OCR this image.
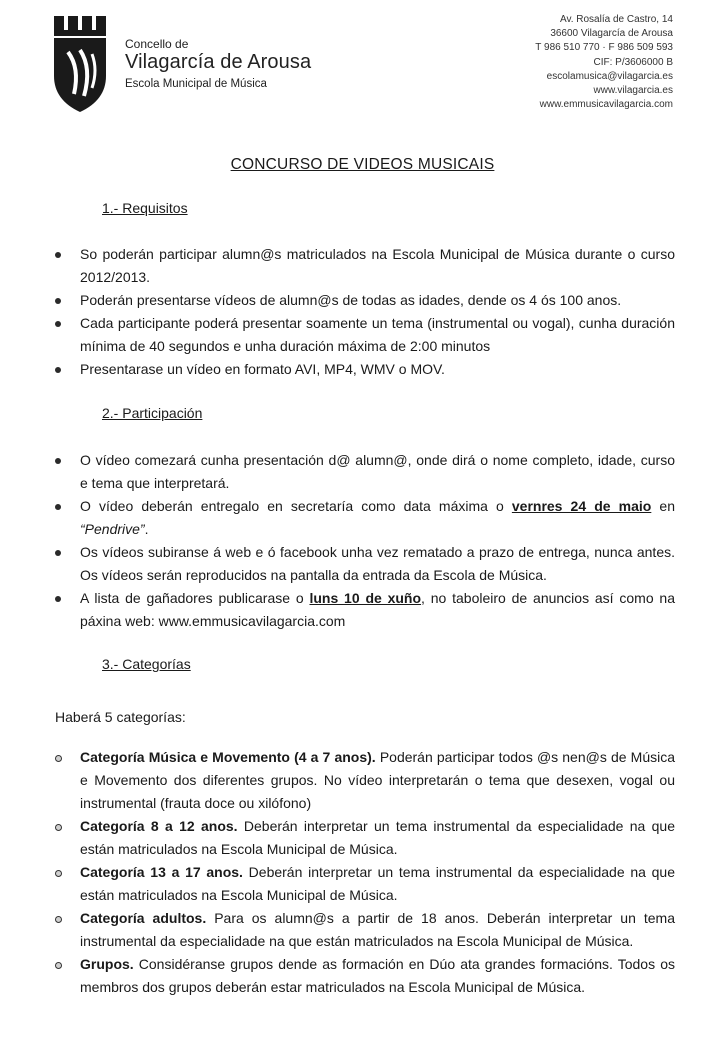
Concello de
Vilagarcía de Arousa
Escola Municipal de Música
Av. Rosalía de Castro, 14
36600 Vilagarcía de Arousa
T 986 510 770 · F 986 509 593
CIF: P/3606000 B
escolamusica@vilagarcia.es
www.vilagarcia.es
www.emmusicavilagarcia.com
CONCURSO DE VIDEOS MUSICAIS
1.- Requisitos
So poderán participar alumn@s matriculados na Escola Municipal de Música durante o curso 2012/2013.
Poderán presentarse vídeos de alumn@s de todas as idades, dende os 4 ós 100 anos.
Cada participante poderá presentar soamente un tema (instrumental ou vogal), cunha duración mínima de 40 segundos e unha duración máxima de 2:00 minutos
Presentarase un vídeo en formato AVI, MP4, WMV o MOV.
2.- Participación
O vídeo comezará cunha presentación d@ alumn@, onde dirá o nome completo, idade, curso e tema que interpretará.
O vídeo deberán entregalo en secretaría como data máxima o vernres 24 de maio en “Pendrive”.
Os vídeos subiranse á web e ó facebook unha vez rematado a prazo de entrega, nunca antes. Os vídeos serán reproducidos na pantalla da entrada da Escola de Música.
A lista de gañadores publicarase o luns 10 de xuño, no taboleiro de anuncios así como na páxina web: www.emmusicavilagarcia.com
3.- Categorías
Haberá 5 categorías:
Categoría Música e Movemento (4 a 7 anos). Poderán participar todos @s nen@s de Música e Movemento dos diferentes grupos. No vídeo interpretarán o tema que desexen, vogal ou instrumental (frauta doce ou xilófono)
Categoría 8 a 12 anos. Deberán interpretar un tema instrumental da especialidade na que están matriculados na Escola Municipal de Música.
Categoría 13 a 17 anos. Deberán interpretar un tema instrumental da especialidade na que están matriculados na Escola Municipal de Música.
Categoría adultos. Para os alumn@s a partir de 18 anos. Deberán interpretar un tema instrumental da especialidade na que están matriculados na Escola Municipal de Música.
Grupos. Considéranse grupos dende as formación en Dúo ata grandes formacións. Todos os membros dos grupos deberán estar matriculados na Escola Municipal de Música.
